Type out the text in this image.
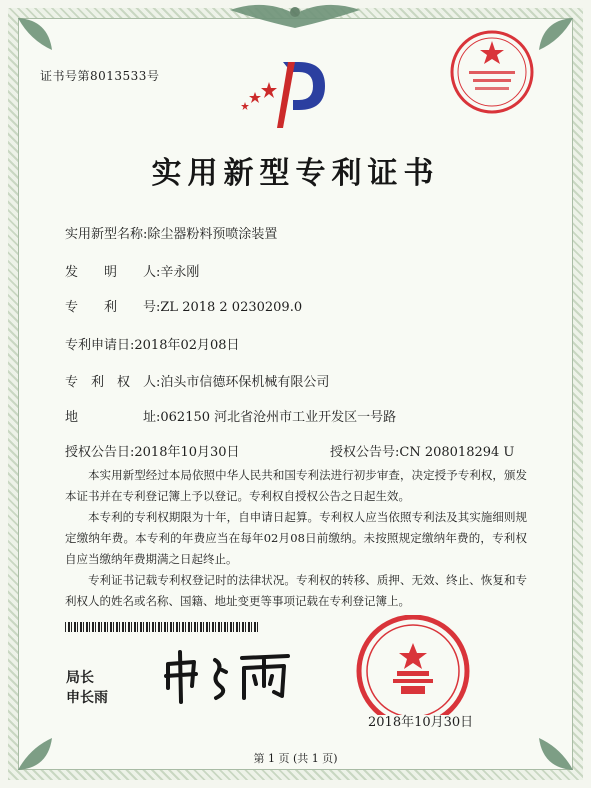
证书号第8013533号
实用新型专利证书
实用新型名称:除尘器粉料预喷涂装置
发　　明　　人:辛永刚
专　　利　　号:ZL 2018 2 0230209.0
专利申请日:2018年02月08日
专　利　权　人:泊头市信德环保机械有限公司
地　　　　　址:062150 河北省沧州市工业开发区一号路
授权公告日:2018年10月30日	授权公告号:CN 208018294 U
本实用新型经过本局依照中华人民共和国专利法进行初步审查，决定授予专利权，颁发本证书并在专利登记簿上予以登记。专利权自授权公告之日起生效。
本专利的专利权期限为十年，自申请日起算。专利权人应当依照专利法及其实施细则规定缴纳年费。本专利的年费应当在每年02月08日前缴纳。未按照规定缴纳年费的，专利权自应当缴纳年费期满之日起终止。
专利证书记载专利权登记时的法律状况。专利权的转移、质押、无效、终止、恢复和专利权人的姓名或名称、国籍、地址变更等事项记载在专利登记簿上。
局长
申长雨
2018年10月30日
第 1 页 (共 1 页)
